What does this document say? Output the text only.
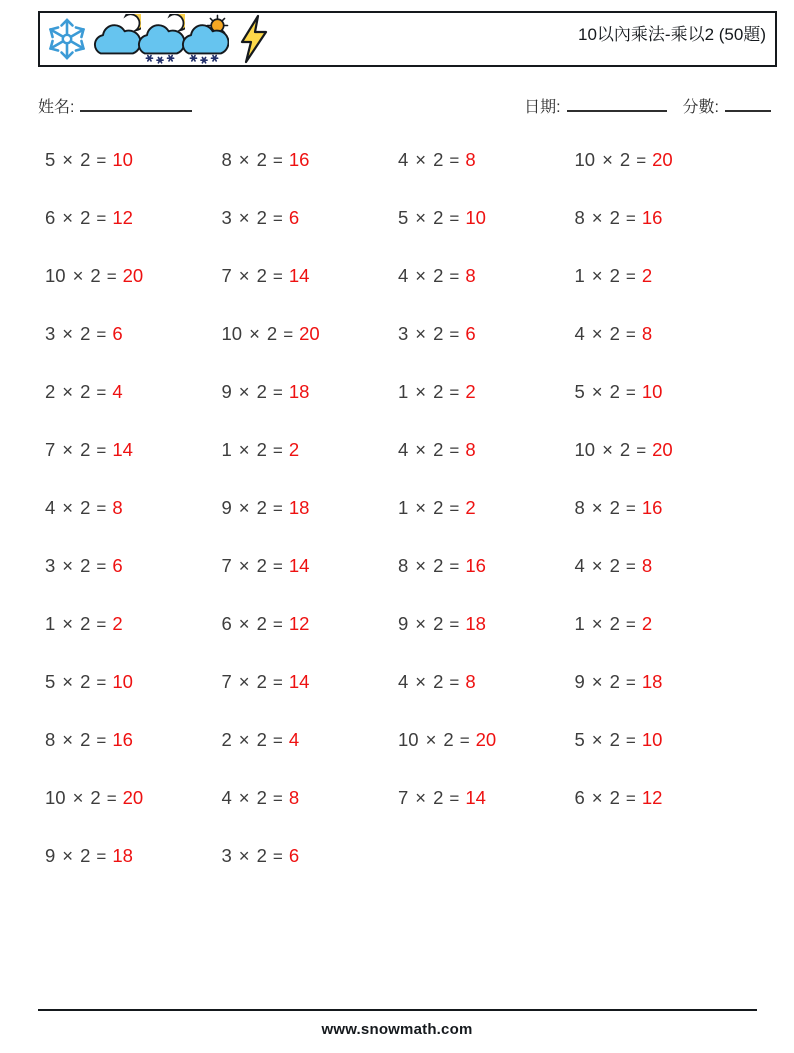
10以內乘法-乘以2 (50題)
姓名:	日期:	分數:
5 × 2 = 10	8 × 2 = 16	4 × 2 = 8	10 × 2 = 20
6 × 2 = 12	3 × 2 = 6	5 × 2 = 10	8 × 2 = 16
10 × 2 = 20	7 × 2 = 14	4 × 2 = 8	1 × 2 = 2
3 × 2 = 6	10 × 2 = 20	3 × 2 = 6	4 × 2 = 8
2 × 2 = 4	9 × 2 = 18	1 × 2 = 2	5 × 2 = 10
7 × 2 = 14	1 × 2 = 2	4 × 2 = 8	10 × 2 = 20
4 × 2 = 8	9 × 2 = 18	1 × 2 = 2	8 × 2 = 16
3 × 2 = 6	7 × 2 = 14	8 × 2 = 16	4 × 2 = 8
1 × 2 = 2	6 × 2 = 12	9 × 2 = 18	1 × 2 = 2
5 × 2 = 10	7 × 2 = 14	4 × 2 = 8	9 × 2 = 18
8 × 2 = 16	2 × 2 = 4	10 × 2 = 20	5 × 2 = 10
10 × 2 = 20	4 × 2 = 8	7 × 2 = 14	6 × 2 = 12
9 × 2 = 18	3 × 2 = 6
www.snowmath.com
